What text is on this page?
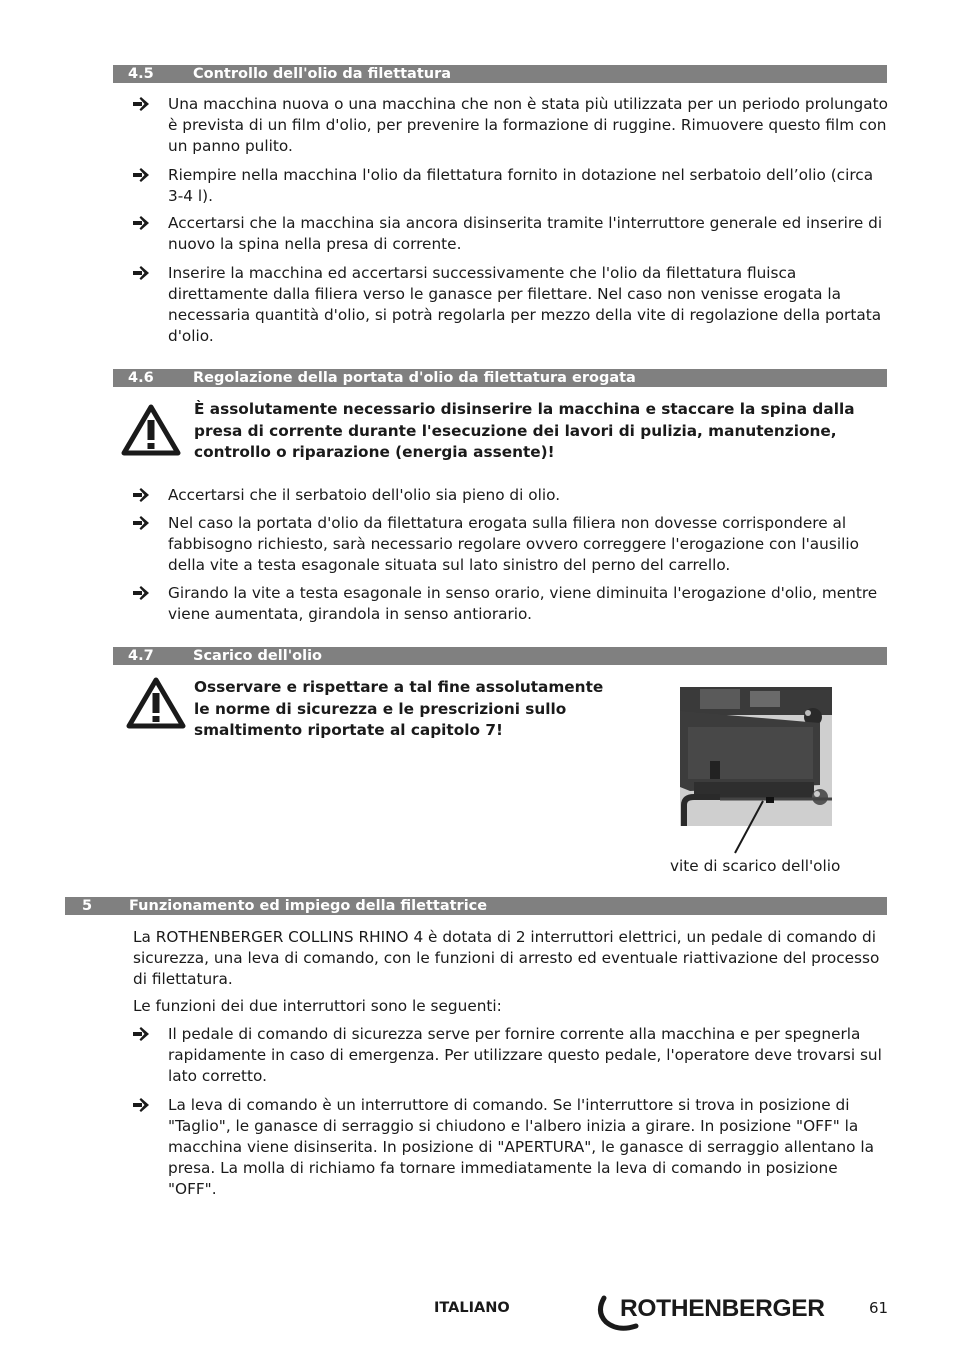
4.5	Controllo dell'olio da filettatura
Una macchina nuova o una macchina che non è stata più utilizzata per un periodo prolungato è prevista di un film d'olio, per prevenire la formazione di ruggine. Rimuovere questo film con un panno pulito.
Riempire nella macchina l'olio da filettatura fornito in dotazione nel serbatoio dell’olio (circa 3-4 l).
Accertarsi che la macchina sia ancora disinserita tramite l'interruttore generale ed inserire di nuovo la spina nella presa di corrente.
Inserire la macchina ed accertarsi successivamente che l'olio da filettatura fluisca direttamente dalla filiera verso le ganasce per filettare. Nel caso non venisse erogata la necessaria quantità d'olio, si potrà regolarla per mezzo della vite di regolazione della portata d'olio.
4.6	Regolazione della portata d'olio da filettatura erogata
È assolutamente necessario disinserire la macchina e staccare la spina dalla presa di corrente durante l'esecuzione dei lavori di pulizia, manutenzione, controllo o riparazione (energia assente)!
Accertarsi che il serbatoio dell'olio sia pieno di olio.
Nel caso la portata d'olio da filettatura erogata sulla filiera non dovesse corrispondere al fabbisogno richiesto, sarà necessario regolare ovvero correggere l'erogazione con l'ausilio della vite a testa esagonale situata sul lato sinistro del perno del carrello.
Girando la vite a testa esagonale in senso orario, viene diminuita l'erogazione d'olio, mentre viene aumentata, girandola in senso antiorario.
4.7	Scarico dell'olio
Osservare e rispettare a tal fine assolutamente le norme di sicurezza e le prescrizioni sullo smaltimento riportate al capitolo 7!
vite di scarico dell'olio
5	Funzionamento ed impiego della filettatrice
La ROTHENBERGER COLLINS RHINO 4 è dotata di 2 interruttori elettrici, un pedale di comando di sicurezza, una leva di comando, con le funzioni di arresto ed eventuale riattivazione del processo di filettatura.
Le funzioni dei due interruttori sono le seguenti:
Il pedale di comando di sicurezza serve per fornire corrente alla macchina e per spegnerla rapidamente in caso di emergenza. Per utilizzare questo pedale, l'operatore deve trovarsi sul lato corretto.
La leva di comando è un interruttore di comando. Se l'interruttore si trova in posizione di "Taglio", le ganasce di serraggio si chiudono e l'albero inizia a girare. In posizione "OFF" la macchina viene disinserita. In posizione di "APERTURA", le ganasce di serraggio allentano la presa. La molla di richiamo fa tornare immediatamente la leva di comando in posizione "OFF".
ITALIANO	ROTHENBERGER	61
